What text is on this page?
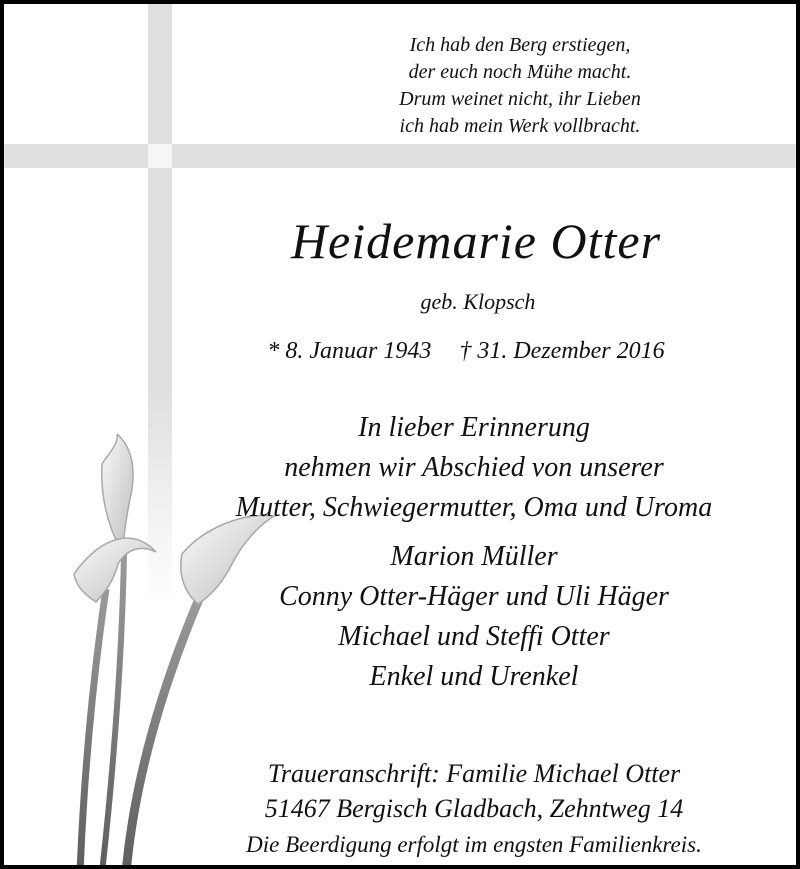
Ich hab den Berg erstiegen,
der euch noch Mühe macht.
Drum weinet nicht, ihr Lieben
ich hab mein Werk vollbracht.
Heidemarie Otter
geb. Klopsch
* 8. Januar 1943 † 31. Dezember 2016
In lieber Erinnerung
nehmen wir Abschied von unserer
Mutter, Schwiegermutter, Oma und Uroma
Marion Müller
Conny Otter-Häger und Uli Häger
Michael und Steffi Otter
Enkel und Urenkel
Traueranschrift: Familie Michael Otter
51467 Bergisch Gladbach, Zehntweg 14
Die Beerdigung erfolgt im engsten Familienkreis.
